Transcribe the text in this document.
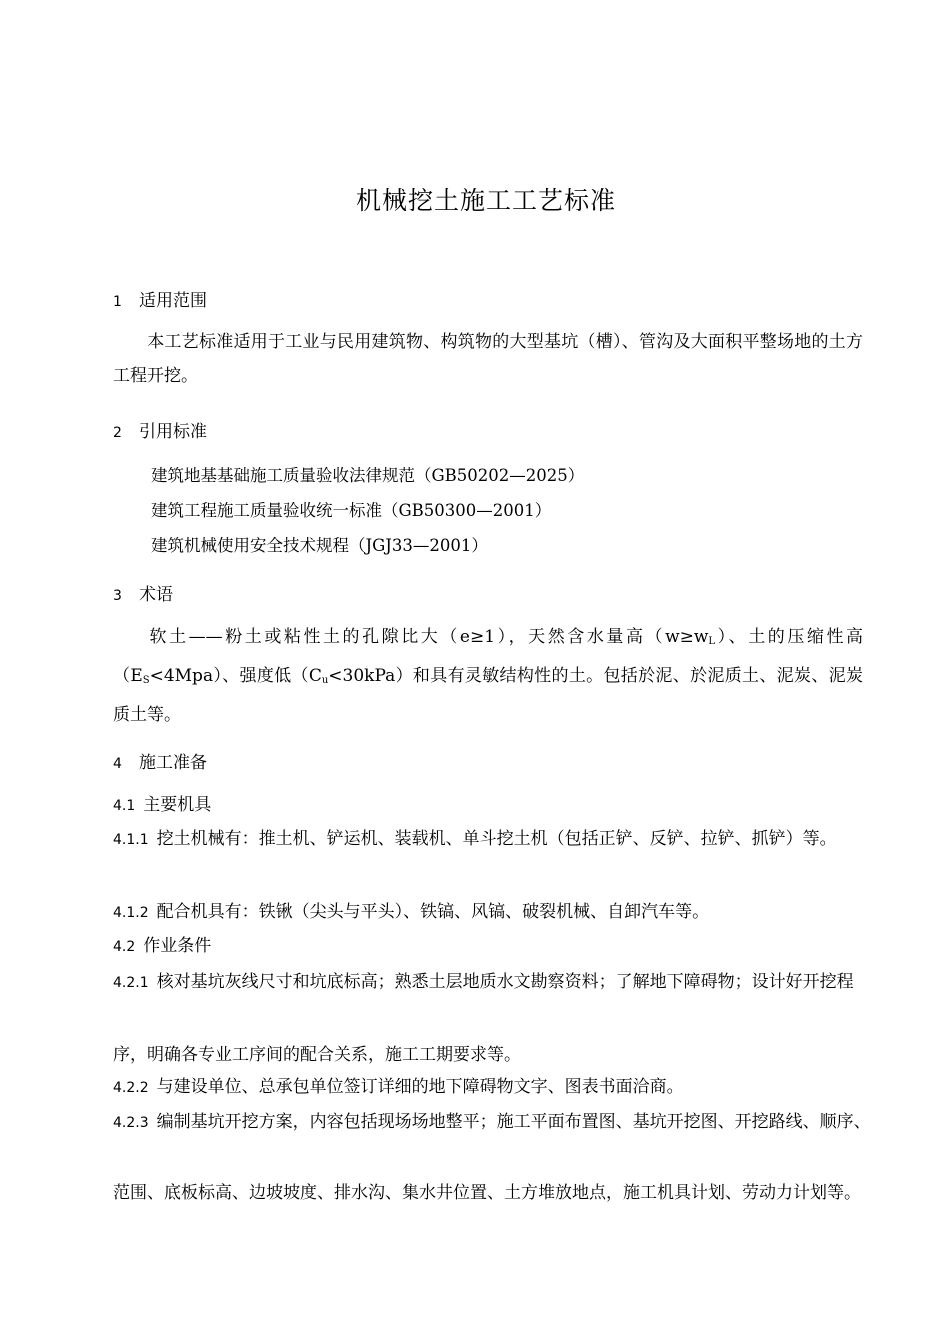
机械挖土施工工艺标准
1 适用范围
本工艺标准适用于工业与民用建筑物、构筑物的大型基坑（槽）、管沟及大面积平整场地的土方工程开挖。
2 引用标准
建筑地基基础施工质量验收法律规范（GB50202—2025）
建筑工程施工质量验收统一标准（GB50300—2001）
建筑机械使用安全技术规程（JGJ33—2001）
3 术语
软土——粉土或粘性土的孔隙比大（e≥1），天然含水量高$(w\ge w_L)$、土的压缩性高$(E_S<4Mpa)$、强度低$(C_u<30kPa)$和具有灵敏结构性的土。包括於泥、於泥质土、泥炭、泥炭质土等。
4 施工准备
4.1 主要机具
4.1.1 挖土机械有：推土机、铲运机、装载机、单斗挖土机（包括正铲、反铲、拉铲、抓铲）等。
4.1.2 配合机具有：铁锹（尖头与平头）、铁镐、风镐、破裂机械、自卸汽车等。
4.2 作业条件
4.2.1 核对基坑灰线尺寸和坑底标高；熟悉土层地质水文勘察资料；了解地下障碍物；设计好开挖程
序，明确各专业工序间的配合关系，施工工期要求等。
4.2.2 与建设单位、总承包单位签订详细的地下障碍物文字、图表书面洽商。
4.2.3 编制基坑开挖方案，内容包括现场场地整平；施工平面布置图、基坑开挖图、开挖路线、顺序、
范围、底板标高、边坡坡度、排水沟、集水井位置、土方堆放地点，施工机具计划、劳动力计划等。
